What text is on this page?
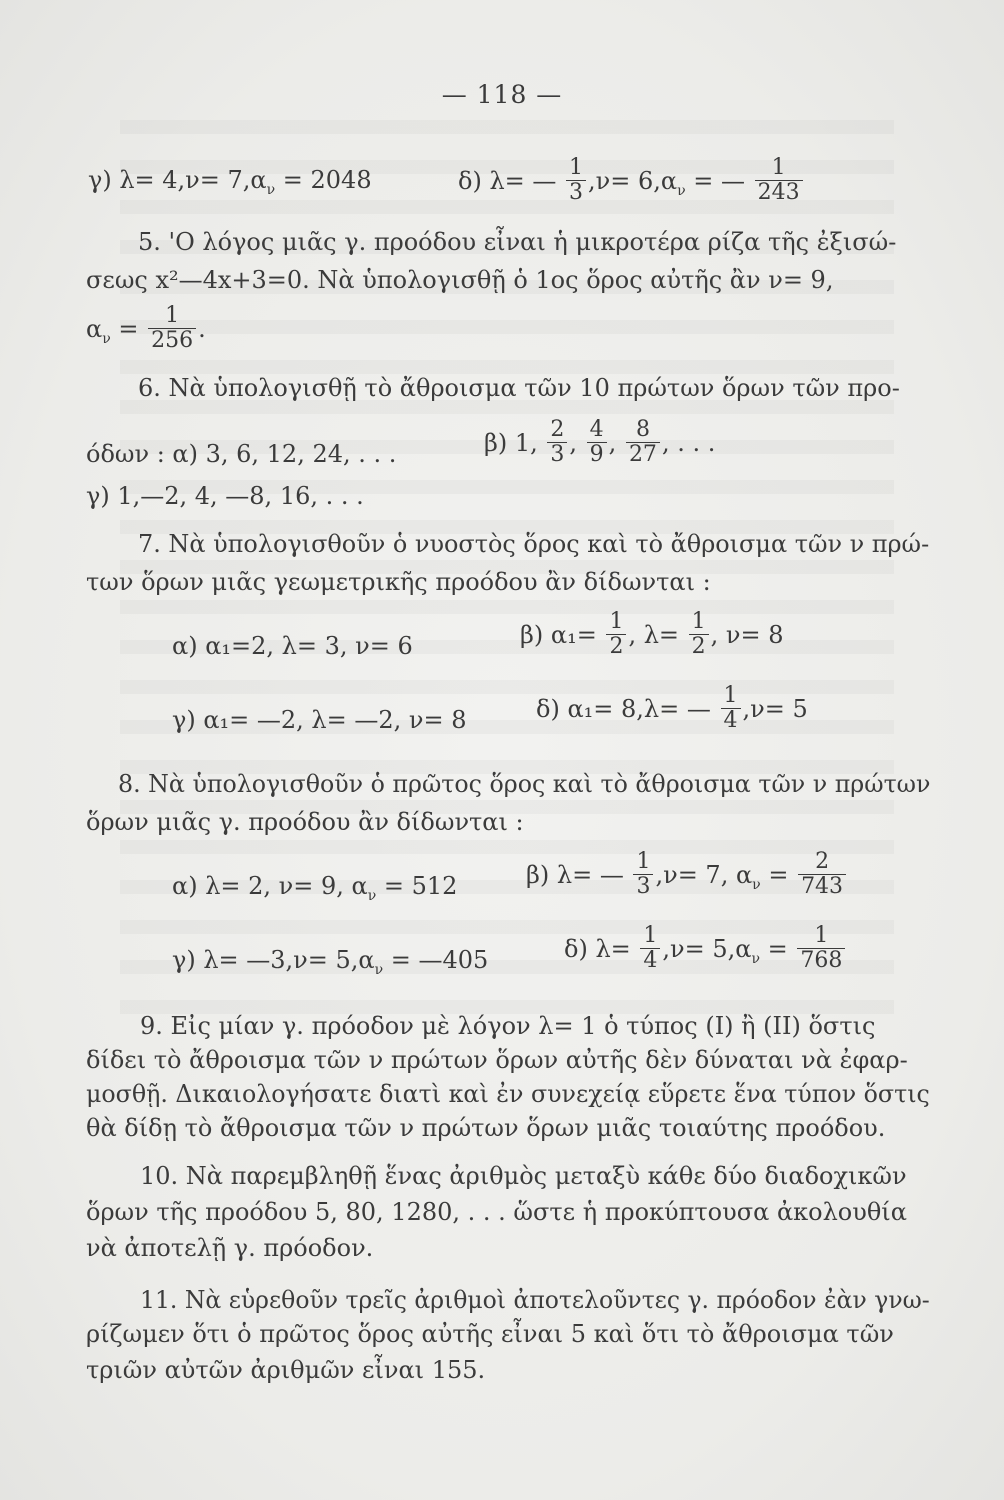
— 118 —
γ) $\lambda= 4,\nu= 7,\alpha_\nu = 2048$	δ) λ= — $\frac{1}{3} ,\nu= 6,\alpha_\nu$ = — $\frac{1}{243}$
5. 'Ο λόγος μιᾶς γ. προόδου εἶναι ἡ μικροτέρα ρίζα τῆς ἐξισώ-
σεως x²—4x+3=0. Νὰ ὑπολογισθῇ ὁ 1ος ὅρος αὐτῆς ἂν ν= 9,
$\alpha_\nu = \frac{1}{256}$ .
6. Νὰ ὑπολογισθῇ τὸ ἄθροισμα τῶν 10 πρώτων ὅρων τῶν προ-
όδων : α) 3, 6, 12, 24, . . .	β) 1, $\frac{2}{3}$ , $\frac{4}{9}$ , $\frac{8}{27}$ , . . .
γ) 1,—2, 4, —8, 16, . . .
7. Νὰ ὑπολογισθοῦν ὁ νυοστὸς ὅρος καὶ τὸ ἄθροισμα τῶν ν πρώ-
των ὅρων μιᾶς γεωμετρικῆς προόδου ἂν δίδωνται :
α) α₁=2, λ= 3, ν= 6	β) $\alpha_1= \frac{1}{2}$ , $\lambda= \frac{1}{2}$ , ν= 8
γ) α₁= —2, λ= —2, ν= 8	δ) α₁= 8,λ= — $\frac{1}{4} ,\nu= 5$
8. Νὰ ὑπολογισθοῦν ὁ πρῶτος ὅρος καὶ τὸ ἄθροισμα τῶν ν πρώτων
ὅρων μιᾶς γ. προόδου ἂν δίδωνται :
α) λ= 2, ν= 9, $\alpha_\nu = 512$	β) λ= — $\frac{1}{3} ,\nu= 7$, $\alpha_\nu = \frac{2}{743}$
γ) λ= —3,ν= $5,\alpha_\nu$ = —405	δ) $\lambda= \frac{1}{4} ,\nu= 5,\alpha_\nu = \frac{1}{768}$
9. Εἰς μίαν γ. πρόοδον μὲ λόγον λ= 1 ὁ τύπος (I) ἢ (II) ὅστις
δίδει τὸ ἄθροισμα τῶν ν πρώτων ὅρων αὐτῆς δὲν δύναται νὰ ἐφαρ-
μοσθῇ. Δικαιολογήσατε διατὶ καὶ ἐν συνεχείᾳ εὕρετε ἕνα τύπον ὅστις
θὰ δίδῃ τὸ ἄθροισμα τῶν ν πρώτων ὅρων μιᾶς τοιαύτης προόδου.
10. Νὰ παρεμβληθῇ ἕνας ἀριθμὸς μεταξὺ κάθε δύο διαδοχικῶν
ὅρων τῆς προόδου 5, 80, 1280, . . . ὥστε ἡ προκύπτουσα ἀκολουθία
νὰ ἀποτελῇ γ. πρόοδον.
11. Νὰ εὑρεθοῦν τρεῖς ἀριθμοὶ ἀποτελοῦντες γ. πρόοδον ἐὰν γνω-
ρίζωμεν ὅτι ὁ πρῶτος ὅρος αὐτῆς εἶναι 5 καὶ ὅτι τὸ ἄθροισμα τῶν
τριῶν αὐτῶν ἀριθμῶν εἶναι 155.
